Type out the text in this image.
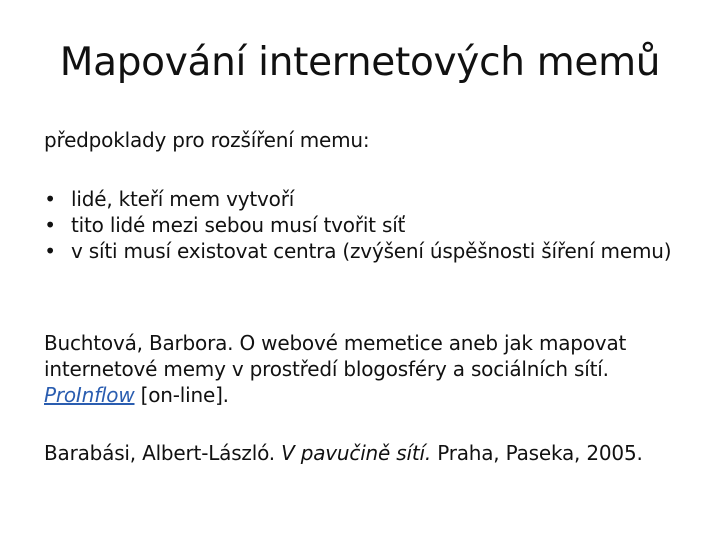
Mapování internetových memů
předpoklady pro rozšíření memu:
• lidé, kteří mem vytvoří
• tito lidé mezi sebou musí tvořit síť
• v síti musí existovat centra (zvýšení úspěšnosti šíření memu)
Buchtová, Barbora. O webové memetice aneb jak mapovat internetové memy v prostředí blogosféry a sociálních sítí. ProInflow [on-line].
Barabási, Albert-László. V pavučině sítí. Praha, Paseka, 2005.
